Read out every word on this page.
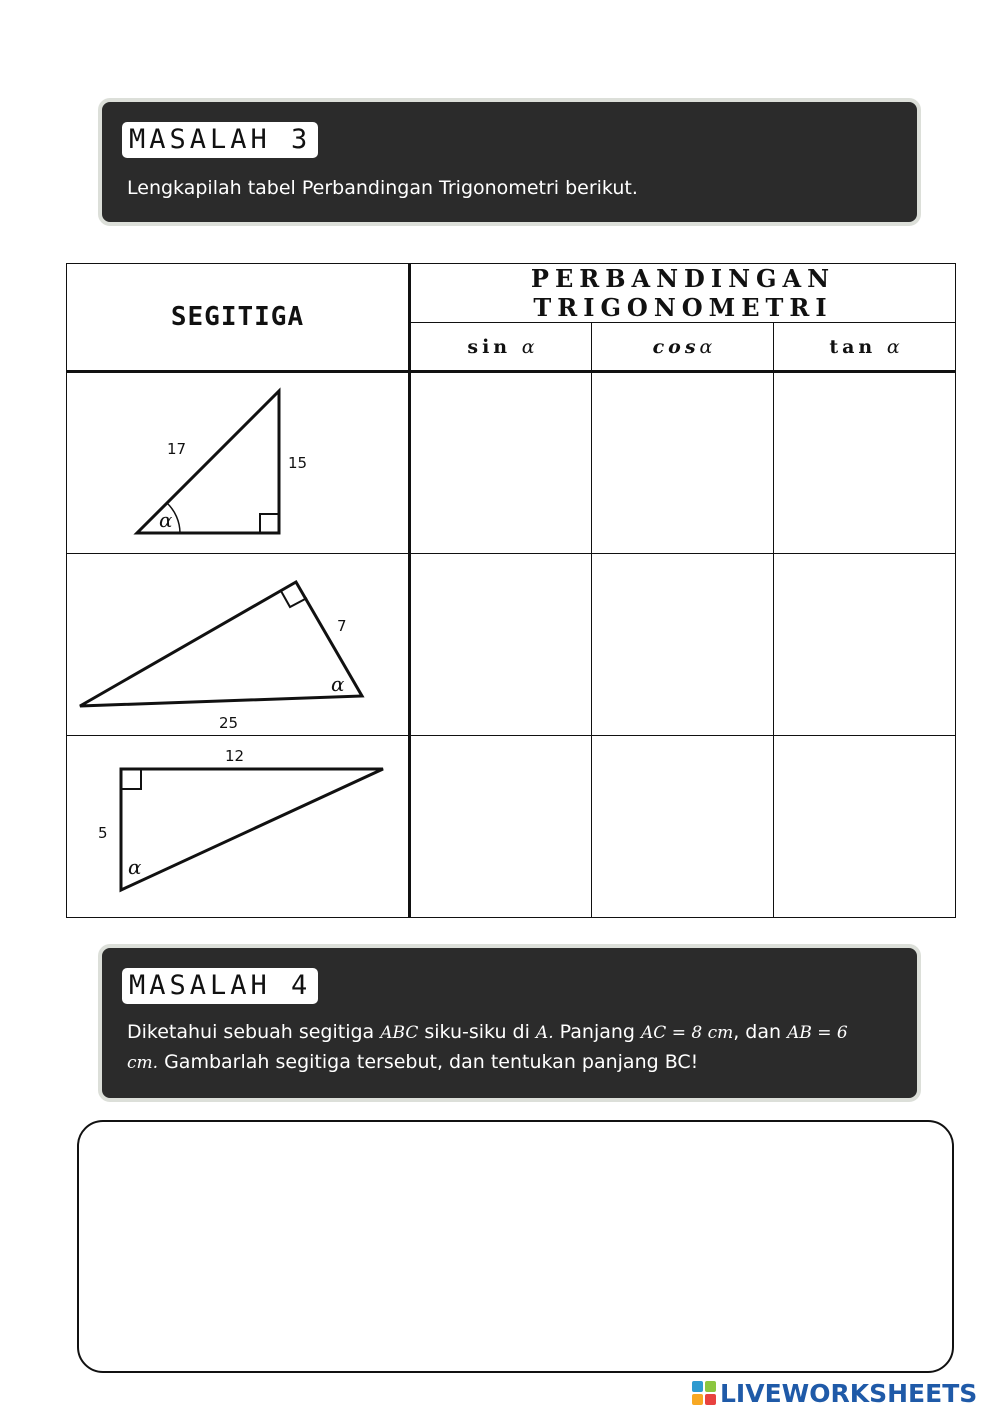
MASALAH 3
Lengkapilah tabel Perbandingan Trigonometri berikut.
SEGITIGA	PERBANDINGAN TRIGONOMETRI		
	sin α	cosα	tan α

17
15
α			

7
25
α			

12
5
α			

MASALAH 4
Diketahui sebuah segitiga ABC siku-siku di A. Panjang AC = 8 cm, dan AB = 6 cm. Gambarlah segitiga tersebut, dan tentukan panjang BC!
LIVEWORKSHEETS
